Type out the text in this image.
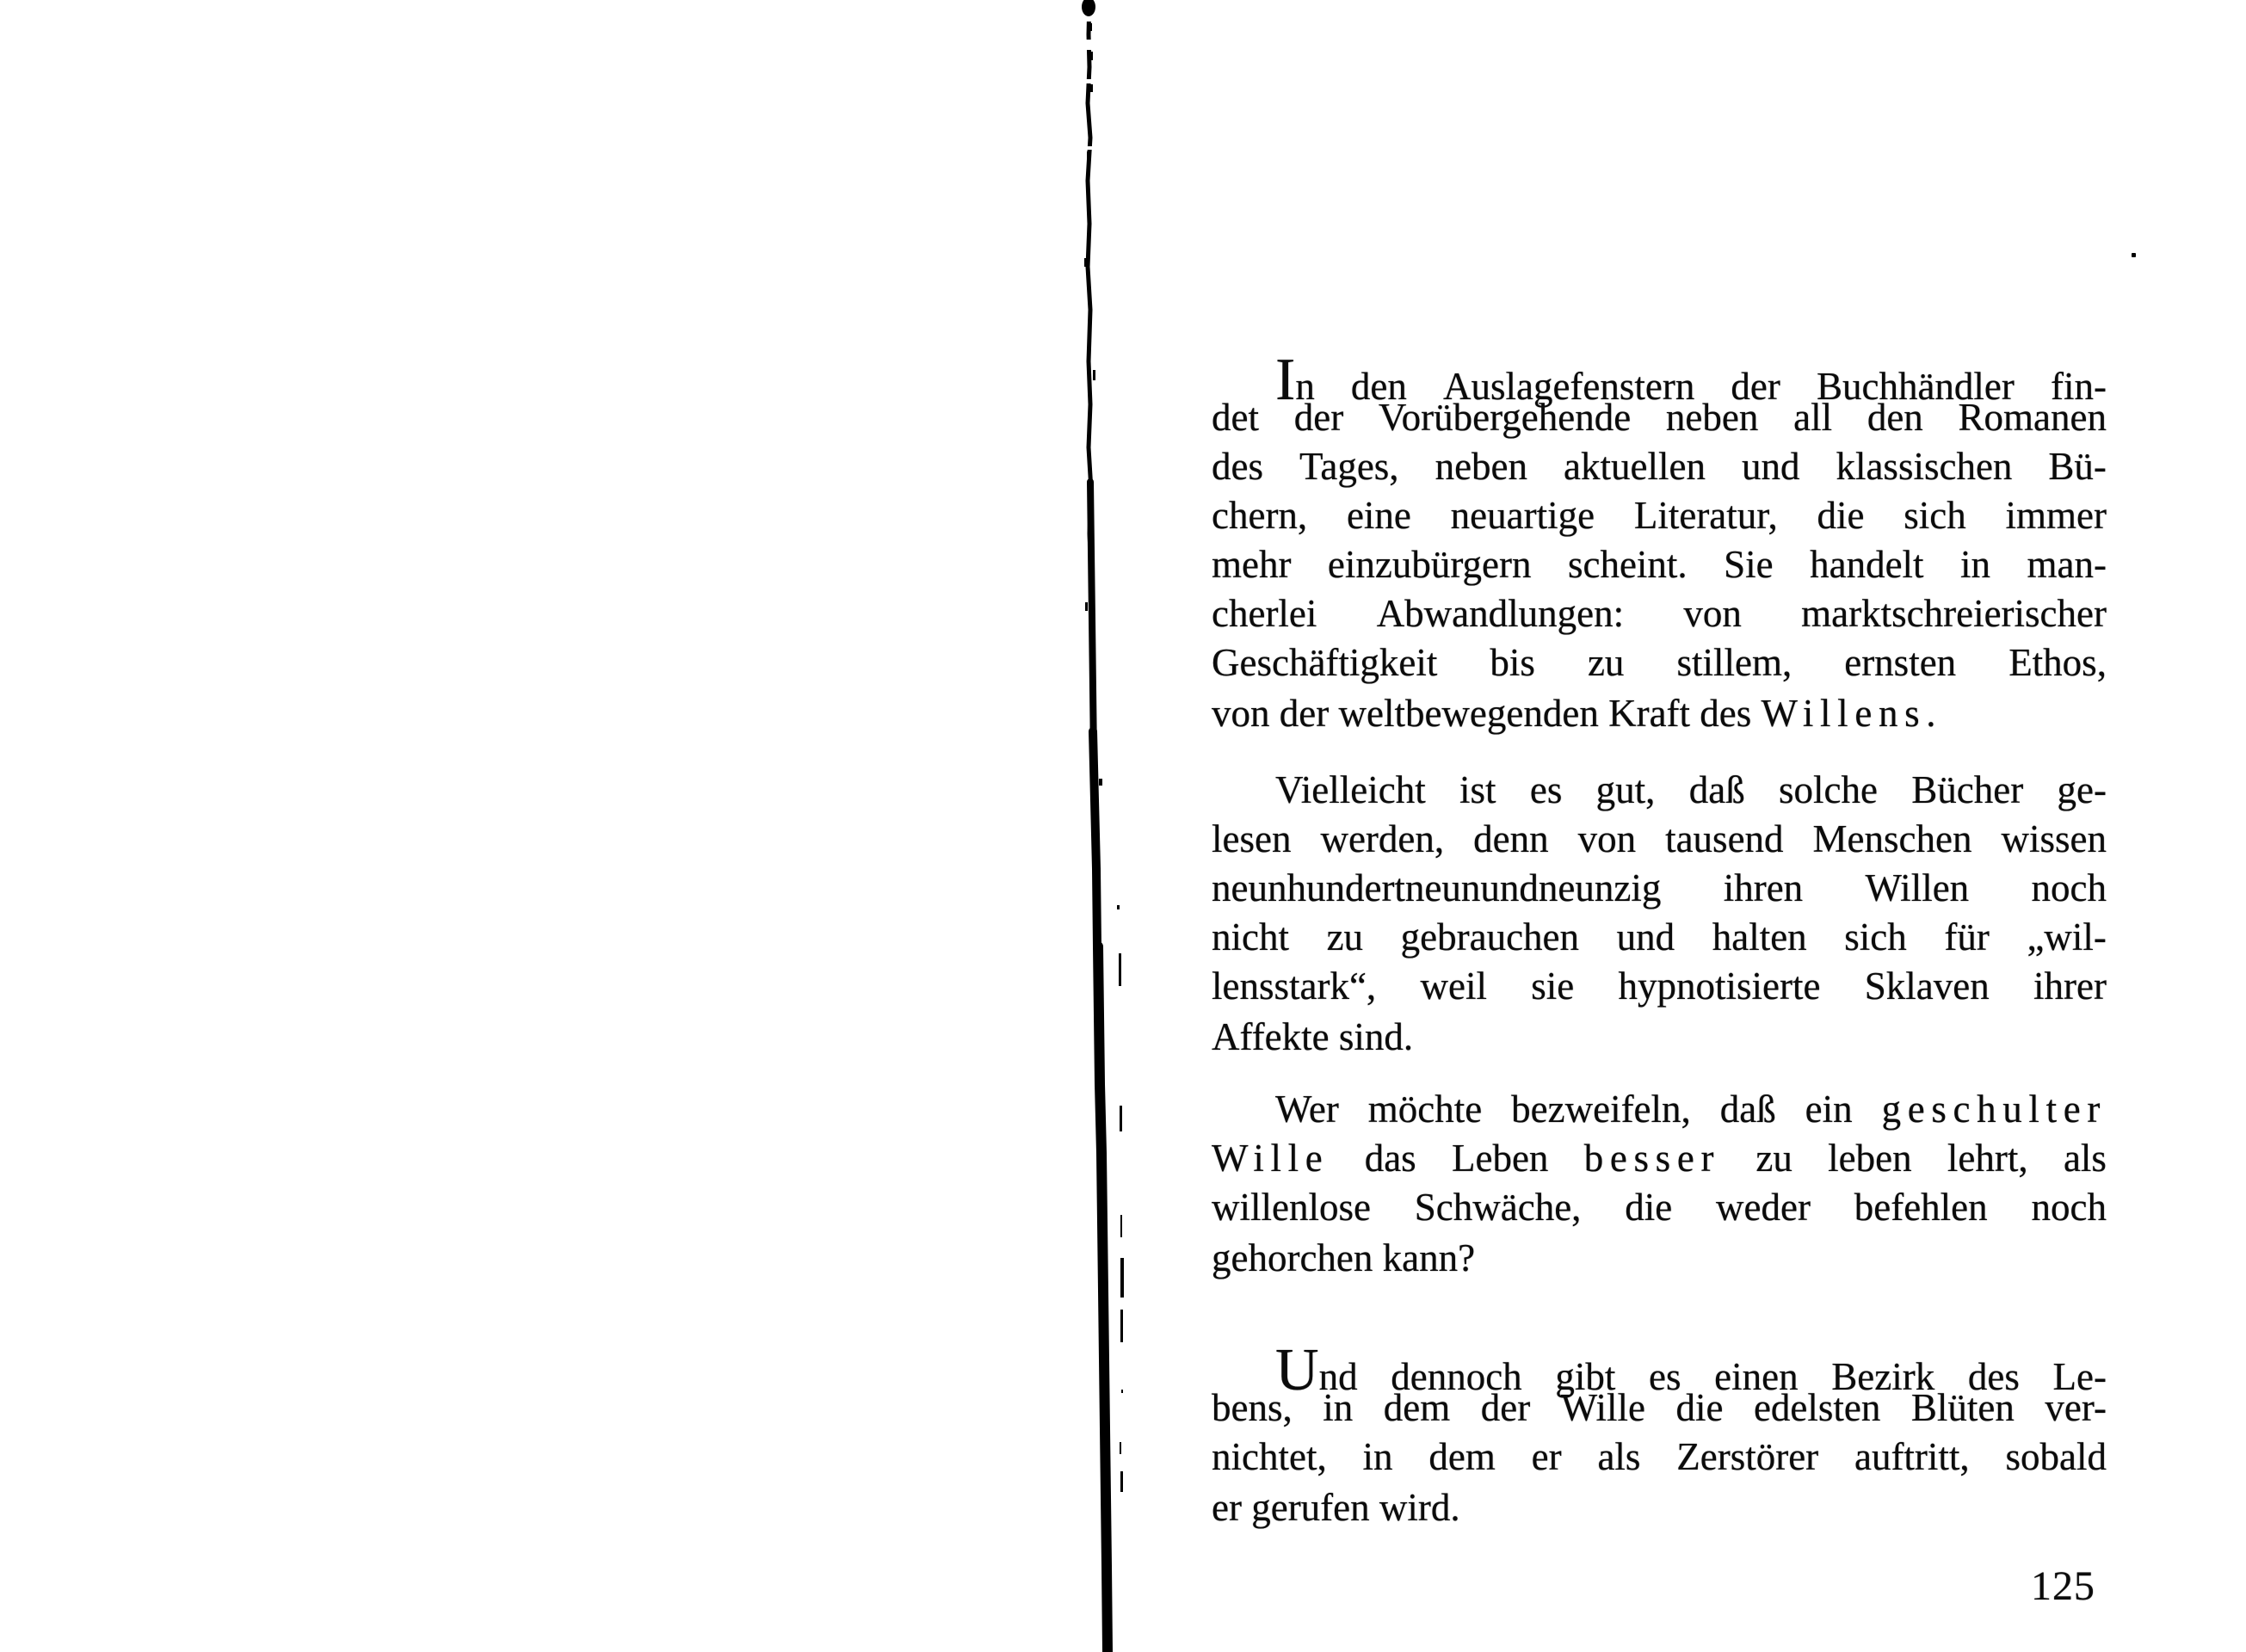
In den Auslagefenstern der Buchhändler fin-
det der Vorübergehende neben all den Romanen
des Tages, neben aktuellen und klassischen Bü-
chern, eine neuartige Literatur, die sich immer
mehr einzubürgern scheint. Sie handelt in man-
cherlei Abwandlungen: von marktschreierischer
Geschäftigkeit bis zu stillem, ernsten Ethos,
von der weltbewegenden Kraft des Willens.
Vielleicht ist es gut, daß solche Bücher ge-
lesen werden, denn von tausend Menschen wissen
neunhundertneunundneunzig ihren Willen noch
nicht zu gebrauchen und halten sich für „wil-
lensstark“, weil sie hypnotisierte Sklaven ihrer
Affekte sind.
Wer möchte bezweifeln, daß ein geschulter
Wille das Leben besser zu leben lehrt, als
willenlose Schwäche, die weder befehlen noch
gehorchen kann?
Und dennoch gibt es einen Bezirk des Le-
bens, in dem der Wille die edelsten Blüten ver-
nichtet, in dem er als Zerstörer auftritt, sobald
er gerufen wird.
125
